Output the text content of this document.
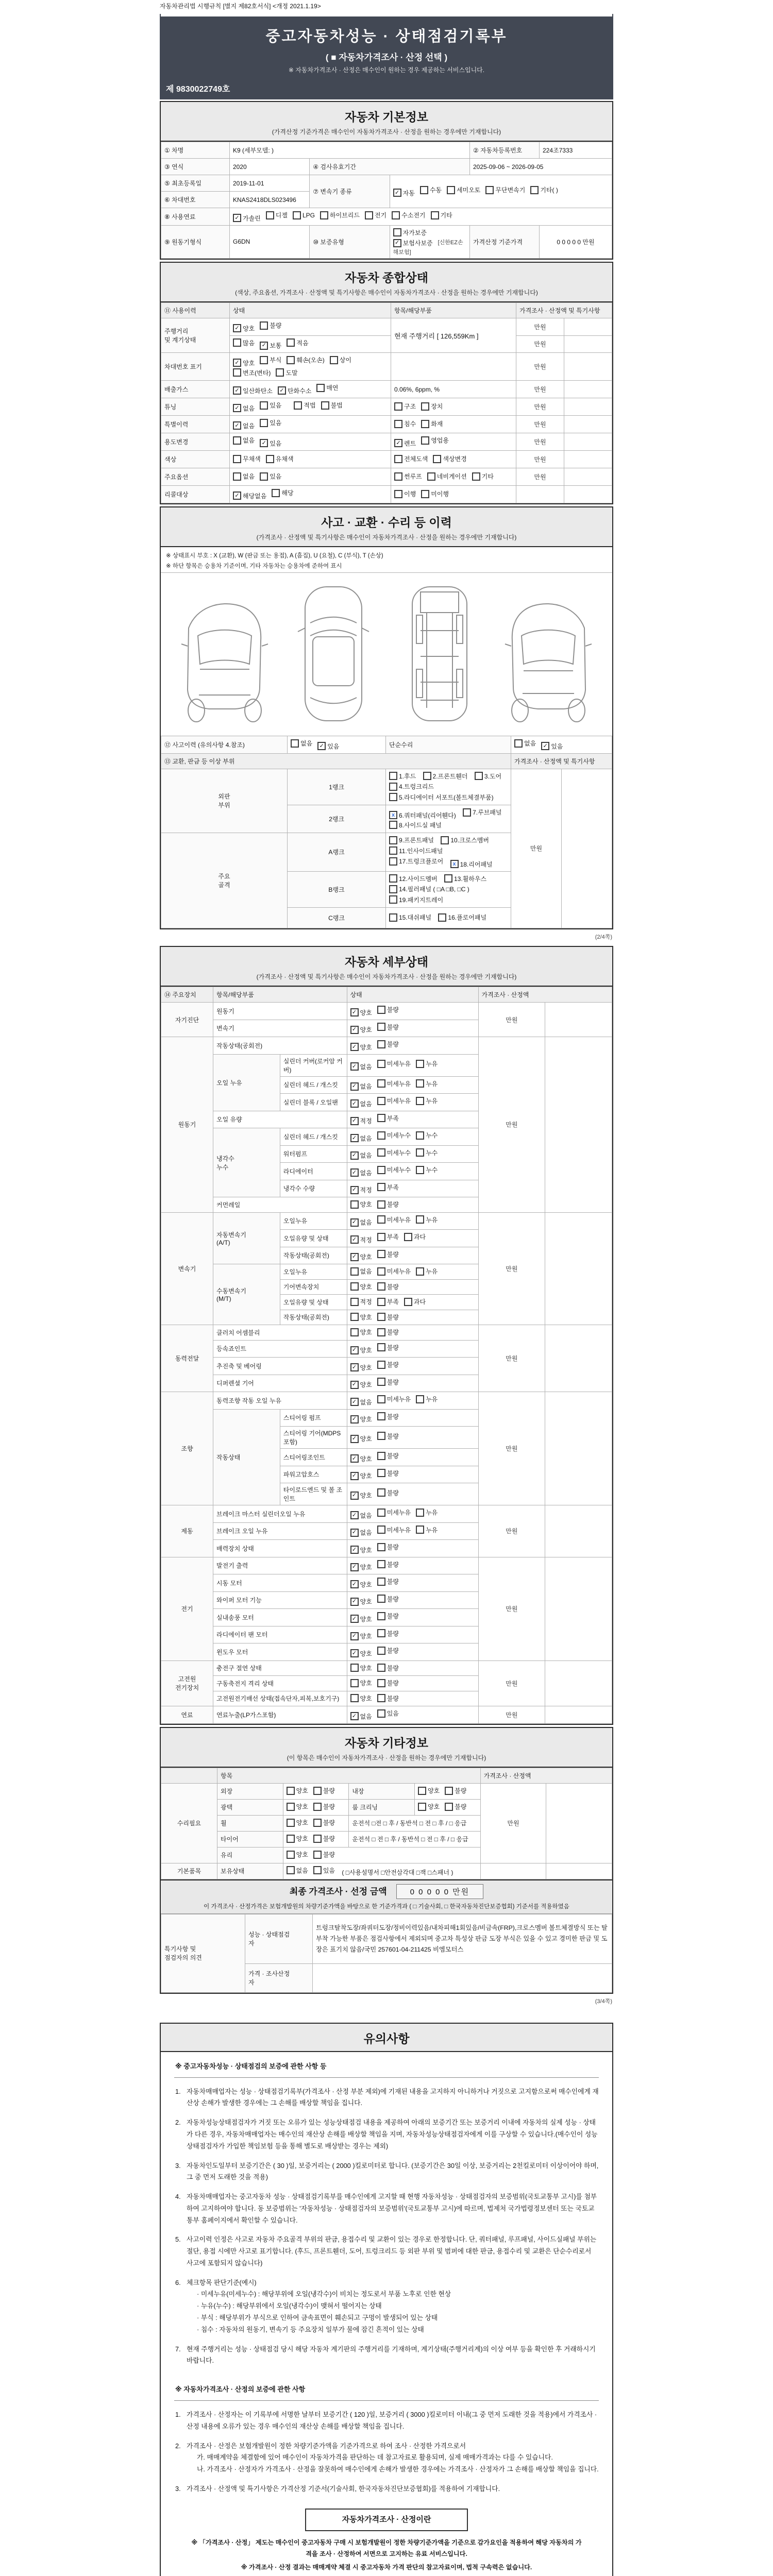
자동차관리법 시행규칙 [별지 제82호서식] <개정 2021.1.19>
중고자동차성능 · 상태점검기록부
( ■ 자동차가격조사 · 산정 선택 )
※ 자동차가격조사 · 산정은 매수인이 원하는 경우 제공하는 서비스입니다.
제 9830022749호
자동차 기본정보
(가격산정 기준가격은 매수인이 자동차가격조사 · 산정을 원하는 경우에만 기재합니다)
① 차명	K9 (세부모델: )			② 자동차등록번호	224조7333
③ 연식	2020	④ 검사유효기간		2025-09-06 ~ 2026-09-05	
⑤ 최초등록일	2019-11-01	⑦ 변속기 종류	✓ 자동 수동 세미오토 무단변속기 기타( )

⑥ 차대번호	KNAS2418DLS023496				
⑧ 사용연료	✓ 가솔린 디젤 LPG 하이브리드 전기 수소전기 기타

⑨ 원동기형식	G6DN	⑩ 보증유형	자가보증
✓ 보험사보증 [신한EZ손해보험]	가격산정 기준가격	0 0 0 0 0 만원
자동차 종합상태
(색상, 주요옵션, 가격조사 · 산정액 및 특기사항은 매수인이 자동차가격조사 · 산정을 원하는 경우에만 기재합니다)
⑪ 사용이력	상태	항목/해당부품	가격조사 · 산정액 및 특기사항	
주행거리
및 계기상태	✓ 양호 불량	현재 주행거리 [ 126,559Km ]	만원	

	많음 ✓ 보통 적음		만원	
차대번호 표기	
✓ 양호 부식 훼손(오손) 상이
변조(변타) 도말
		만원	
배출가스	✓ 일산화탄소 ✓ 탄화수소 매연	0.06%, 6ppm, %	만원	
튜닝	✓ 없음 있음 적법 불법	구조 장치	만원	
특별이력	✓ 없음 있음	침수 화재	만원	
용도변경	없음 ✓ 있음	✓ 렌트 영업용	만원	
색상	무채색 유채색	전체도색 색상변경	만원	
주요옵션	없음 있음	썬루프 네비게이션 기타	만원	
리콜대상	✓ 해당없음 해당	이행 미이행		

사고 · 교환 · 수리 등 이력
(가격조사 · 산정액 및 특기사항은 매수인이 자동차가격조사 · 산정을 원하는 경우에만 기재합니다)
※ 상태표시 부호 : X (교환), W (판금 또는 용접), A (흠집), U (요철), C (부식), T (손상)
※ 하단 항목은 승용차 기준이며, 기타 자동차는 승용차에 준하여 표시
⑫ 사고이력 (유의사항 4.참조)	없음 ✓ 있음	단순수리	없음 ✓ 있음	

⑬ 교환, 판금 등 이상 부위			가격조사 · 산정액 및 특기사항	
외판
부위	1랭크	1.후드
2.프론트휀더
3.도어

4.트렁크리드

5.라디에이터 서포트(볼트체결부품)	만원	
	2랭크	x 6.쿼터패널(리어휀다)
7.루브패널

8.사이드실 패널		

주요
골격	A랭크	
9.프론트패널
	10.크로스멤버

11.인사이드패널

17.트렁크플로어
	x 18.리어패널

	B랭크	12.사이드멤버
13.휠하우스

14.필러패널 ( □A □B, □C )

19.패키지트레이		

	C랭크	15.대쉬패널
16.플로어패널		
(2/4쪽)
자동차 세부상태
(가격조사 · 산정액 및 특기사항은 매수인이 자동차가격조사 · 산정을 원하는 경우에만 기재합니다)
⑭ 주요장치	항목/해당부품		상태	가격조사 · 산정액	
자기진단	원동기		✓ 양호 불량	만원	
	변속기		✓ 양호 불량		

원동기	작동상태(공회전)		✓ 양호 불량	만원	
	오일 누유	실린더 커버(로커암 커버)	✓ 없음 미세누유 누유		

		실린더 헤드 / 개스킷	✓ 없음 미세누유 누유		

		실린더 블록 / 오일팬	✓ 없음 미세누유 누유		

	오일 유량		✓ 적정 부족		

	냉각수
누수	실린더 헤드 / 개스킷	✓ 없음 미세누수 누수		

		워터펌프	✓ 없음 미세누수 누수		

		라디에이터	✓ 없음 미세누수 누수		

		냉각수 수량	✓ 적정 부족		

	커먼레일		양호 불량		

변속기	자동변속기
(A/T)	오일누유	✓ 없음 미세누유 누유	만원	
		오일유량 및 상태	✓ 적정 부족 과다		

		작동상태(공회전)	✓ 양호 불량		

	수동변속기
(M/T)	오일누유	없음 미세누유 누유		

		기어변속장치	양호 불량		

		오일유량 및 상태	적정 부족 과다		

		작동상태(공회전)	양호 불량		

동력전달	클러치 어셈블리		양호 불량	만원	
	등속죠인트		✓ 양호 불량		

	추진축 및 베어링		✓ 양호 불량		

	디퍼렌셜 기어		✓ 양호 불량		

조향	동력조향 작동 오일 누유		✓ 없음 미세누유 누유	만원	
	작동상태	스티어링 펌프	✓ 양호 불량		

		스티어링 기어(MDPS포함)	✓ 양호 불량		

		스티어링조인트	✓ 양호 불량		

		파워고압호스	✓ 양호 불량		

		타이로드엔드 및 볼 조인트	✓ 양호 불량		

제동	브레이크 마스터 실린더오일 누유		✓ 없음 미세누유 누유	만원	
	브레이크 오일 누유		✓ 없음 미세누유 누유		

	배력장치 상태		✓ 양호 불량		

전기	발전기 출력		✓ 양호 불량	만원	
	시동 모터		✓ 양호 불량		

	와이퍼 모터 기능		✓ 양호 불량		

	실내송풍 모터		✓ 양호 불량		

	라디에이터 팬 모터		✓ 양호 불량		

	윈도우 모터		✓ 양호 불량		

고전원
전기장치	충전구 절연 상태		양호 불량	만원	
	구동축전지 격리 상태		양호 불량		

	고전원전기배선 상태(접속단자,피복,보호기구)		양호 불량		

연료	연료누출(LP가스포함)		✓ 없음 있음	만원	
자동차 기타정보
(이 항목은 매수인이 자동차가격조사 · 산정을 원하는 경우에만 기재합니다)
	항목				가격조사 · 산정액	
수리필요	외장	양호 불량	내장	양호 불량	만원	
	광택	양호 불량	룸 크리닝	양호 불량		

	휠	양호 불량	운전석 □전 □ 후 / 동반석 □ 전 □ 후 / □ 응급			
	타이어	양호 불량	운전석 □ 전 □ 후 / 동반석 □ 전 □ 후 / □ 응급			
	유리	양호 불량				

기본품목	보유상태	없음 있음 ( □사용설명서 □안전삼각대 □잭 □스패너 )				
최종 가격조사 · 선정 금액	0 0 0 0 0 만원
이 가격조사 · 산정가격은 보험개발원의 차량기준가액을 바탕으로 한 기준가격과 ( □ 기술사회, □ 한국자동차진단보증협회) 기준서를 적용하였음
특기사항 및
점검자의 의견	성능 · 상태점검
자	트렁크탈착도장/좌쿼터도장/정비이력있음/내차피해1회있음/비금속(FRP),크로스멤버 볼트체결방식 또는 탈부착 가능한 부품은 점검사항에서 제외되며 중고차 특성상 판금 도장 부식은 있을 수 있고 경미한 판금 및 도장은 표기치 않음/국민 257601-04-211425 비엠모터스
	가격 · 조사산정
자	
(3/4쪽)
유의사항
※ 중고자동차성능 · 상태점검의 보증에 관한 사항 등
1. 자동차매매업자는 성능 · 상태점검기록부(가격조사 · 산정 부분 제외)에 기재된 내용을 고지하지 아니하거나 거짓으로 고지함으로써 매수인에게 재산상 손해가 발생한 경우에는 그 손해를 배상할 책임을 집니다.
2. 자동차성능상태점검자가 거짓 또는 오류가 있는 성능상태점검 내용을 제공하여 아래의 보증기간 또는 보증거리 이내에 자동차의 실제 성능 · 상태가 다른 경우, 자동차매매업자는 매수인의 재산상 손해를 배상할 책임을 지며, 자동차성능상태점검자에게 이를 구상할 수 있습니다.(매수인이 성능상태점검자가 가입한 책임보험 등을 통해 별도로 배상받는 경우는 제외)
3. 자동차인도일부터 보증기간은 ( 30 )일, 보증거리는 ( 2000 )킬로미터로 합니다. (보증기간은 30일 이상, 보증거리는 2천킬로미터 이상이어야 하며, 그 중 먼저 도래한 것을 적용)
4. 자동차매매업자는 중고자동차 성능 · 상태점검기록부를 매수인에게 고지할 때 현행 자동차성능 · 상태점검자의 보증범위(국토교통부 고시)를 첨부하여 고지하여야 합니다. 동 보증범위는 '자동차성능 · 상태점검자의 보증범위'(국토교통부 고시)에 따르며, 법제처 국가법령정보센터 또는 국토교통부 홈페이지에서 확인할 수 있습니다.
5. 사고이력 인정은 사고로 자동차 주요골격 부위의 판금, 용접수리 및 교환이 있는 경우로 한정합니다. 단, 쿼터패널, 루프패널, 사이드실패널 부위는 절단, 용접 시에만 사고로 표기합니다. (후드, 프론트휀더, 도어, 트렁크리드 등 외판 부위 및 범퍼에 대한 판금, 용접수리 및 교환은 단순수리로서 사고에 포함되지 않습니다)
6. 체크항목 판단기준(예시)
· 미세누유(미세누수) : 해당부위에 오일(냉각수)이 비치는 정도로서 부품 노후로 인한 현상
· 누유(누수) : 해당부위에서 오일(냉각수)이 맺혀서 떨어지는 상태
· 부식 : 해당부위가 부식으로 인하여 금속표면이 훼손되고 구멍이 발생되어 있는 상태
· 침수 : 자동차의 원동기, 변속기 등 주요장치 일부가 물에 잠긴 흔적이 있는 상태
7. 현재 주행거리는 성능 · 상태점검 당시 해당 자동차 계기판의 주행거리를 기재하며, 계기상태(주행거리계)의 이상 여부 등을 확인한 후 거래하시기 바랍니다.
※ 자동차가격조사 · 산정의 보증에 관한 사항
1. 가격조사 · 산정자는 이 기록부에 서명한 날부터 보증기간 ( 120 )일, 보증거리 ( 3000 )킬로미터 이내(그 중 먼저 도래한 것을 적용)에서 가격조사 · 산정 내용에 오류가 있는 경우 매수인의 재산상 손해를 배상할 책임을 집니다.
2. 가격조사 · 산정은 보험개발원이 정한 차량기준가액을 기준가격으로 하여 조사 · 산정한 가격으로서
가. 매매계약을 체결함에 있어 매수인이 자동차가격을 판단하는 데 참고자료로 활용되며, 실제 매매가격과는 다를 수 있습니다.
나. 가격조사 · 산정자가 가격조사 · 산정을 잘못하여 매수인에게 손해가 발생한 경우에는 가격조사 · 산정자가 그 손해를 배상할 책임을 집니다.
3. 가격조사 · 산정액 및 특기사항은 가격산정 기준서(기술사회, 한국자동차진단보증협회)를 적용하여 기재합니다.
자동차가격조사 · 산정이란
※ 「가격조사 · 산정」 제도는 매수인이 중고자동차 구매 시 보험개발원이 정한 차량기준가액을 기준으로 감가요인을 적용하여 해당 자동차의 가격을 조사 · 산정하여 서면으로 고지하는 유료 서비스입니다.
※ 가격조사 · 산정 결과는 매매계약 체결 시 중고자동차 가격 판단의 참고자료이며, 법적 구속력은 없습니다.
